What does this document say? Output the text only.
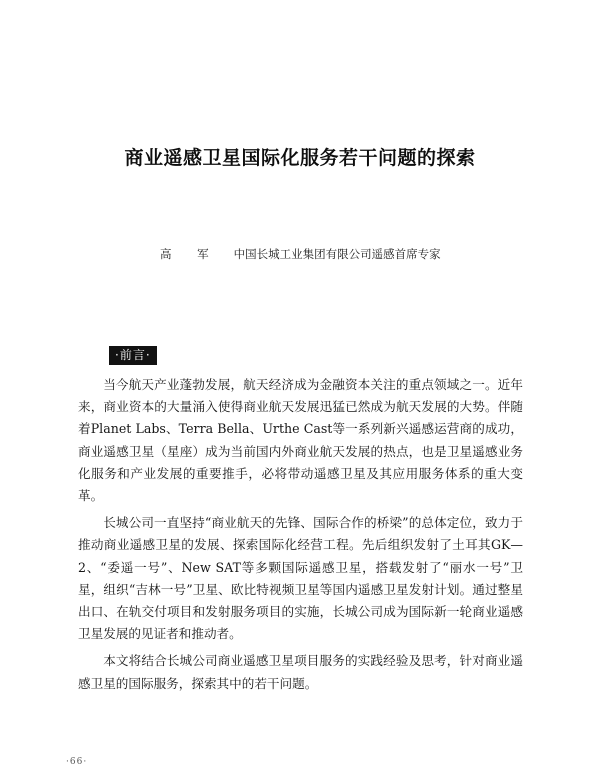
商业遥感卫星国际化服务若干问题的探索
高 军 中国长城工业集团有限公司遥感首席专家
·前言·

当今航天产业蓬勃发展，航天经济成为金融资本关注的重点领域之一。近年来，商业资本的大量涌入使得商业航天发展迅猛已然成为航天发展的大势。伴随着Planet Labs、Terra Bella、Urthe Cast等一系列新兴遥感运营商的成功，商业遥感卫星（星座）成为当前国内外商业航天发展的热点，也是卫星遥感业务化服务和产业发展的重要推手，必将带动遥感卫星及其应用服务体系的重大变革。

长城公司一直坚持“商业航天的先锋、国际合作的桥梁”的总体定位，致力于推动商业遥感卫星的发展、探索国际化经营工程。先后组织发射了土耳其GK—2、“委遥一号”、New SAT等多颗国际遥感卫星，搭载发射了“丽水一号”卫星，组织“吉林一号”卫星、欧比特视频卫星等国内遥感卫星发射计划。通过整星出口、在轨交付项目和发射服务项目的实施，长城公司成为国际新一轮商业遥感卫星发展的见证者和推动者。

本文将结合长城公司商业遥感卫星项目服务的实践经验及思考，针对商业遥感卫星的国际服务，探索其中的若干问题。

·66·
